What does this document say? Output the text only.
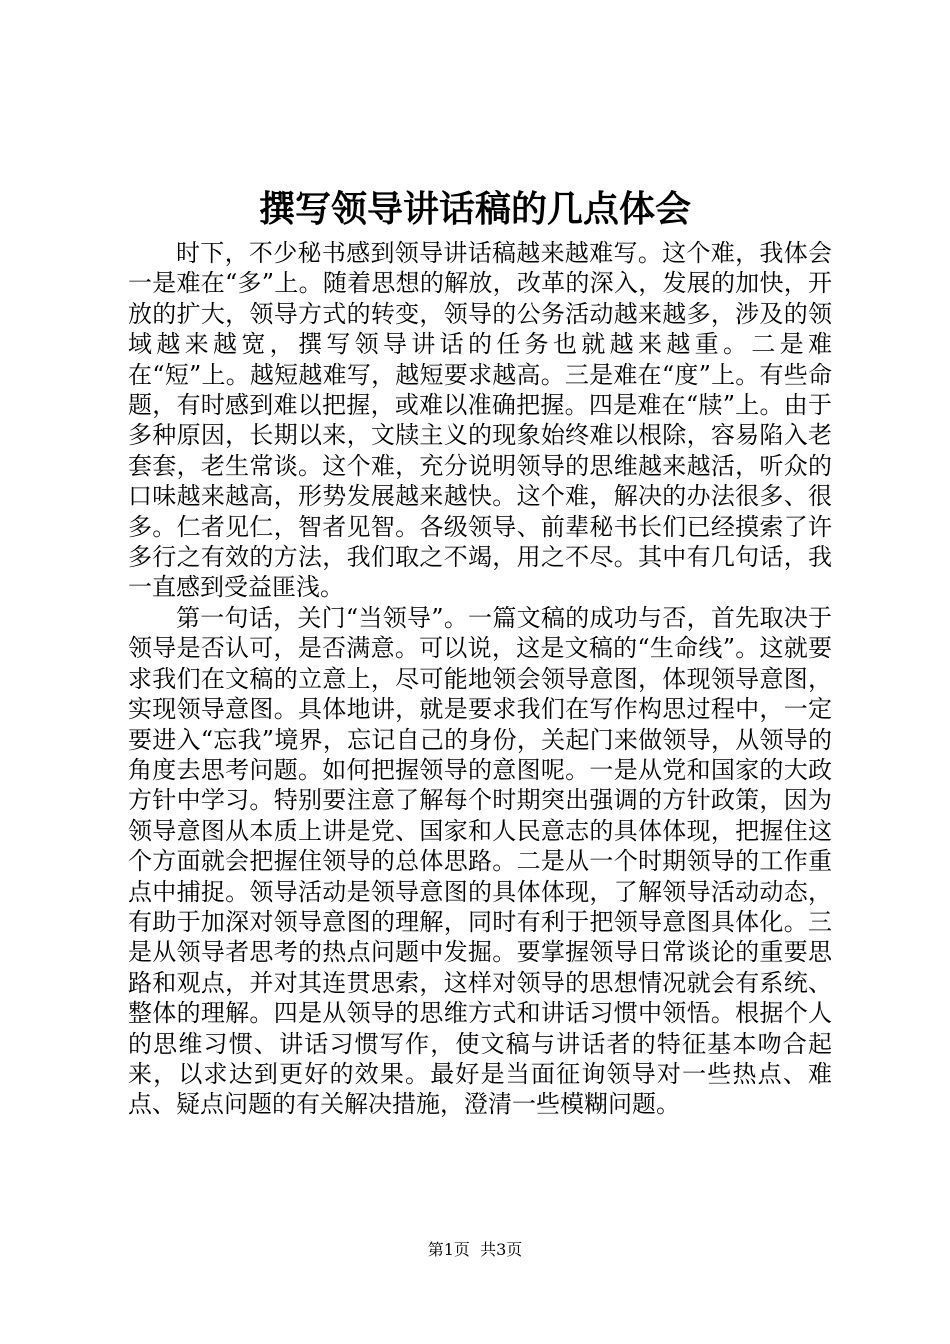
撰写领导讲话稿的几点体会

时下，不少秘书感到领导讲话稿越来越难写。这个难，我体会一是难在“多”上。随着思想的解放，改革的深入，发展的加快，开放的扩大，领导方式的转变，领导的公务活动越来越多，涉及的领域越来越宽，撰写领导讲话的任务也就越来越重。二是难在“短”上。越短越难写，越短要求越高。三是难在“度”上。有些命题，有时感到难以把握，或难以准确把握。四是难在“牍”上。由于多种原因，长期以来，文牍主义的现象始终难以根除，容易陷入老套套，老生常谈。这个难，充分说明领导的思维越来越活，听众的口味越来越高，形势发展越来越快。这个难，解决的办法很多、很多。仁者见仁，智者见智。各级领导、前辈秘书长们已经摸索了许多行之有效的方法，我们取之不竭，用之不尽。其中有几句话，我一直感到受益匪浅。

第一句话，关门“当领导”。一篇文稿的成功与否，首先取决于领导是否认可，是否满意。可以说，这是文稿的“生命线”。这就要求我们在文稿的立意上，尽可能地领会领导意图，体现领导意图，实现领导意图。具体地讲，就是要求我们在写作构思过程中，一定要进入“忘我”境界，忘记自己的身份，关起门来做领导，从领导的角度去思考问题。如何把握领导的意图呢。一是从党和国家的大政方针中学习。特别要注意了解每个时期突出强调的方针政策，因为领导意图从本质上讲是党、国家和人民意志的具体体现，把握住这个方面就会把握住领导的总体思路。二是从一个时期领导的工作重点中捕捉。领导活动是领导意图的具体体现，了解领导活动动态，有助于加深对领导意图的理解，同时有利于把领导意图具体化。三是从领导者思考的热点问题中发掘。要掌握领导日常谈论的重要思路和观点，并对其连贯思索，这样对领导的思想情况就会有系统、整体的理解。四是从领导的思维方式和讲话习惯中领悟。根据个人的思维习惯、讲话习惯写作，使文稿与讲话者的特征基本吻合起来，以求达到更好的效果。最好是当面征询领导对一些热点、难点、疑点问题的有关解决措施，澄清一些模糊问题。

第1页 共3页
